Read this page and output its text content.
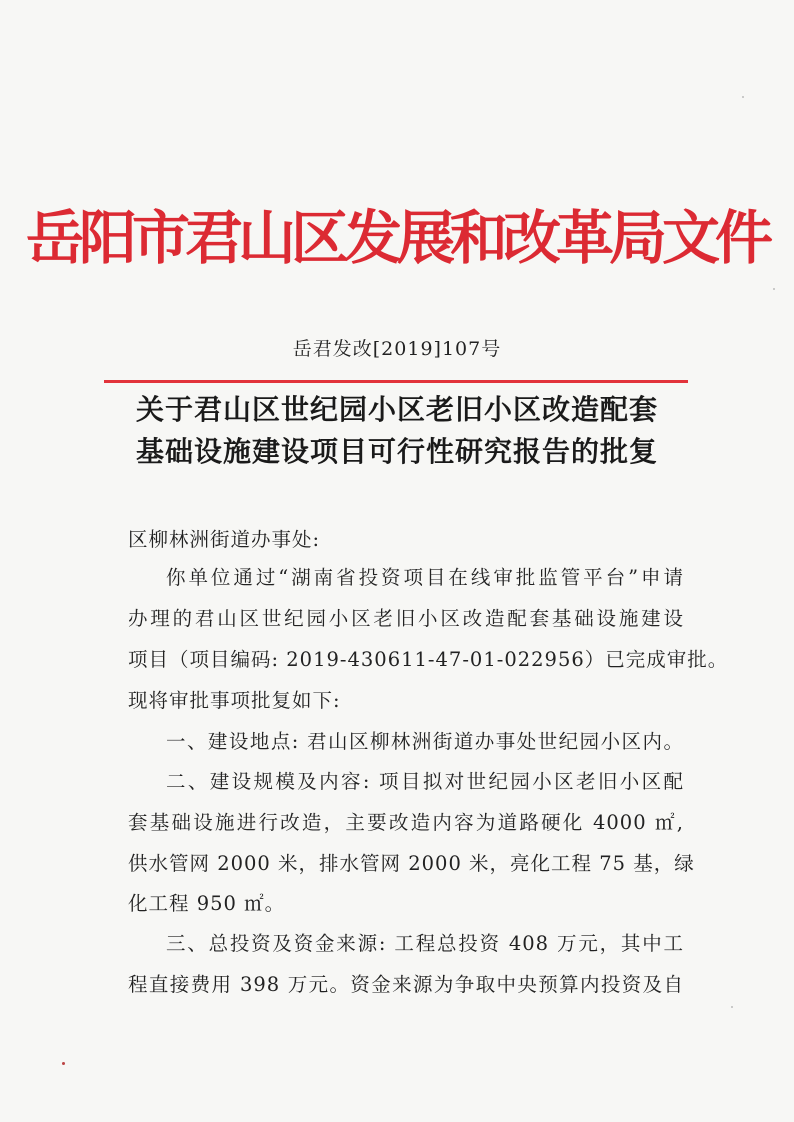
岳阳市君山区发展和改革局文件
岳君发改[2019]107号
关于君山区世纪园小区老旧小区改造配套
基础设施建设项目可行性研究报告的批复
区柳林洲街道办事处:
你单位通过“湖南省投资项目在线审批监管平台”申请
办理的君山区世纪园小区老旧小区改造配套基础设施建设
项目（项目编码: 2019-430611-47-01-022956）已完成审批。
现将审批事项批复如下:
一、建设地点: 君山区柳林洲街道办事处世纪园小区内。
二、建设规模及内容: 项目拟对世纪园小区老旧小区配
套基础设施进行改造，主要改造内容为道路硬化 4000 ㎡,
供水管网 2000 米，排水管网 2000 米，亮化工程 75 基，绿
化工程 950 ㎡。
三、总投资及资金来源: 工程总投资 408 万元，其中工
程直接费用 398 万元。资金来源为争取中央预算内投资及自
